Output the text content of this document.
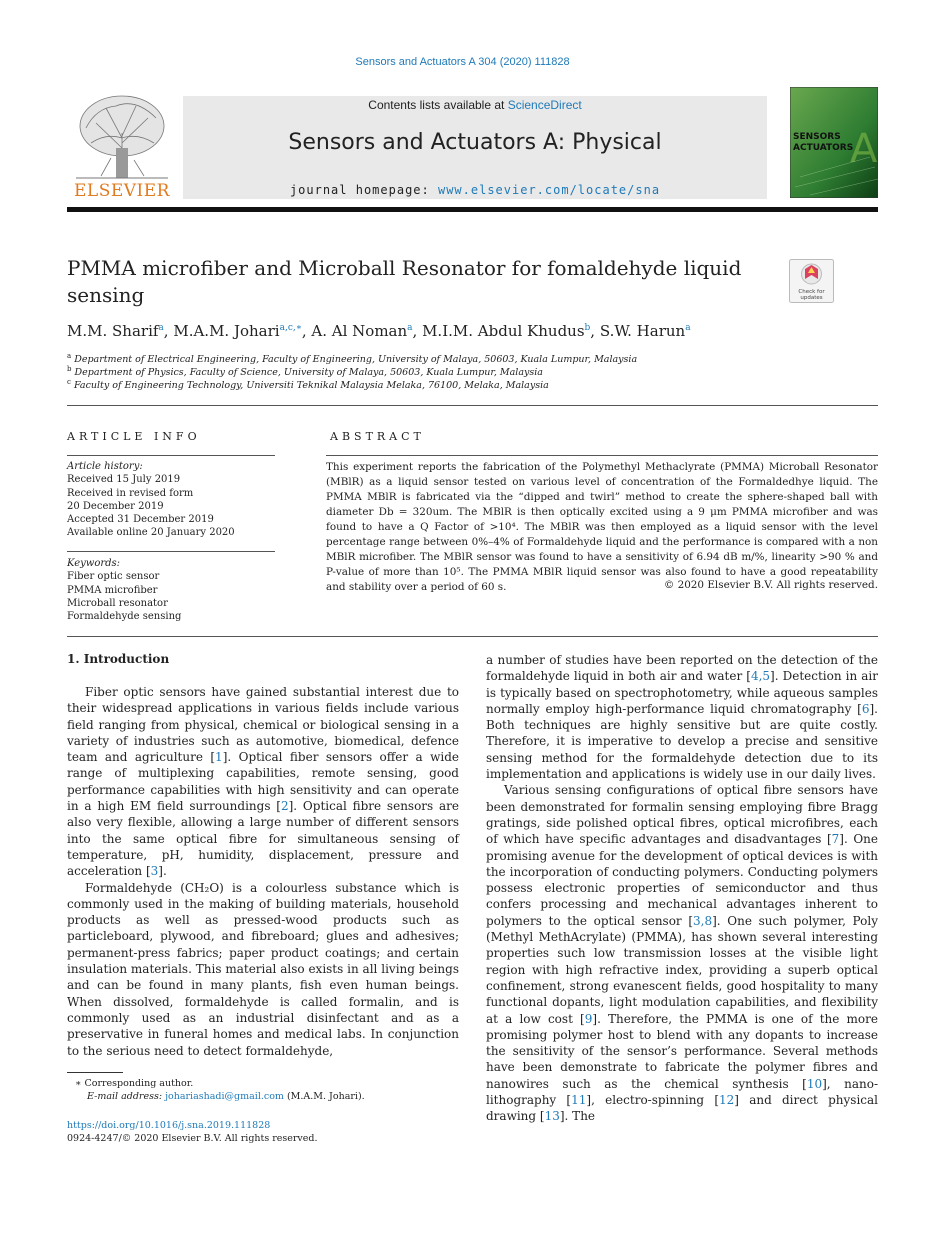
Sensors and Actuators A 304 (2020) 111828
ELSEVIER
Contents lists available at ScienceDirect
Sensors and Actuators A: Physical
journal homepage: www.elsevier.com/locate/sna
A
SENSORS
ACTUATORS
PMMA microfiber and Microball Resonator for fomaldehyde liquid sensing	Check for
updates
M.M. Sharif$^a$, M.A.M. Johari$^{a,c,∗}$, A. Al Noman$^a$, M.I.M. Abdul Khudus$^b$, S.W. Harun$^a$
$^a$ Department of Electrical Engineering, Faculty of Engineering, University of Malaya, 50603, Kuala Lumpur, Malaysia
$^b$ Department of Physics, Faculty of Science, University of Malaya, 50603, Kuala Lumpur, Malaysia
$^c$ Faculty of Engineering Technology, Universiti Teknikal Malaysia Melaka, 76100, Melaka, Malaysia
ARTICLE INFO
Article history:
Received 15 July 2019
Received in revised form
20 December 2019
Accepted 31 December 2019
Available online 20 January 2020
Keywords:
Fiber optic sensor
PMMA microfiber
Microball resonator
Formaldehyde sensing
ABSTRACT
This experiment reports the fabrication of the Polymethyl Methaclyrate (PMMA) Microball Resonator (MBlR) as a liquid sensor tested on various level of concentration of the Formaldedhye liquid. The PMMA MBlR is fabricated via the “dipped and twirl” method to create the sphere-shaped ball with diameter Db = 320um. The MBlR is then optically excited using a 9 μm PMMA microfiber and was found to have a Q Factor of >10⁴. The MBlR was then employed as a liquid sensor with the level percentage range between 0%–4% of Formaldehyde liquid and the performance is compared with a non MBlR microfiber. The MBlR sensor was found to have a sensitivity of 6.94 dB m/%, linearity >90 % and P-value of more than 10⁵. The PMMA MBlR liquid sensor was also found to have a good repeatability and stability over a period of 60 s.	© 2020 Elsevier B.V. All rights reserved.
1. Introduction

Fiber optic sensors have gained substantial interest due to their widespread applications in various fields include various field ranging from physical, chemical or biological sensing in a variety of industries such as automotive, biomedical, defence team and agriculture [1]. Optical fiber sensors offer a wide range of multiplexing capabilities, remote sensing, good performance capabilities with high sensitivity and can operate in a high EM field surroundings [2]. Optical fibre sensors are also very flexible, allowing a large number of different sensors into the same optical fibre for simultaneous sensing of temperature, pH, humidity, displacement, pressure and acceleration [3].

Formaldehyde (CH₂O) is a colourless substance which is commonly used in the making of building materials, household products as well as pressed-wood products such as particleboard, plywood, and fibreboard; glues and adhesives; permanent-press fabrics; paper product coatings; and certain insulation materials. This material also exists in all living beings and can be found in many plants, fish even human beings. When dissolved, formaldehyde is called formalin, and is commonly used as an industrial disinfectant and as a preservative in funeral homes and medical labs. In conjunction to the serious need to detect formaldehyde,

a number of studies have been reported on the detection of the formaldehyde liquid in both air and water [4,5]. Detection in air is typically based on spectrophotometry, while aqueous samples normally employ high-performance liquid chromatography [6]. Both techniques are highly sensitive but are quite costly. Therefore, it is imperative to develop a precise and sensitive sensing method for the formaldehyde detection due to its implementation and applications is widely use in our daily lives.

Various sensing configurations of optical fibre sensors have been demonstrated for formalin sensing employing fibre Bragg gratings, side polished optical fibres, optical microfibres, each of which have specific advantages and disadvantages [7]. One promising avenue for the development of optical devices is with the incorporation of conducting polymers. Conducting polymers possess electronic properties of semiconductor and thus confers processing and mechanical advantages inherent to polymers to the optical sensor [3,8]. One such polymer, Poly (Methyl MethAcrylate) (PMMA), has shown several interesting properties such low transmission losses at the visible light region with high refractive index, providing a superb optical confinement, strong evanescent fields, good hospitality to many functional dopants, light modulation capabilities, and flexibility at a low cost [9]. Therefore, the PMMA is one of the more promising polymer host to blend with any dopants to increase the sensitivity of the sensor’s performance. Several methods have been demonstrate to fabricate the polymer fibres and nanowires such as the chemical synthesis [10], nano-lithography [11], electro-spinning [12] and direct physical drawing [13]. The

∗ Corresponding author.
E-mail address: johariashadi@gmail.com (M.A.M. Johari).
https://doi.org/10.1016/j.sna.2019.111828
0924-4247/© 2020 Elsevier B.V. All rights reserved.
